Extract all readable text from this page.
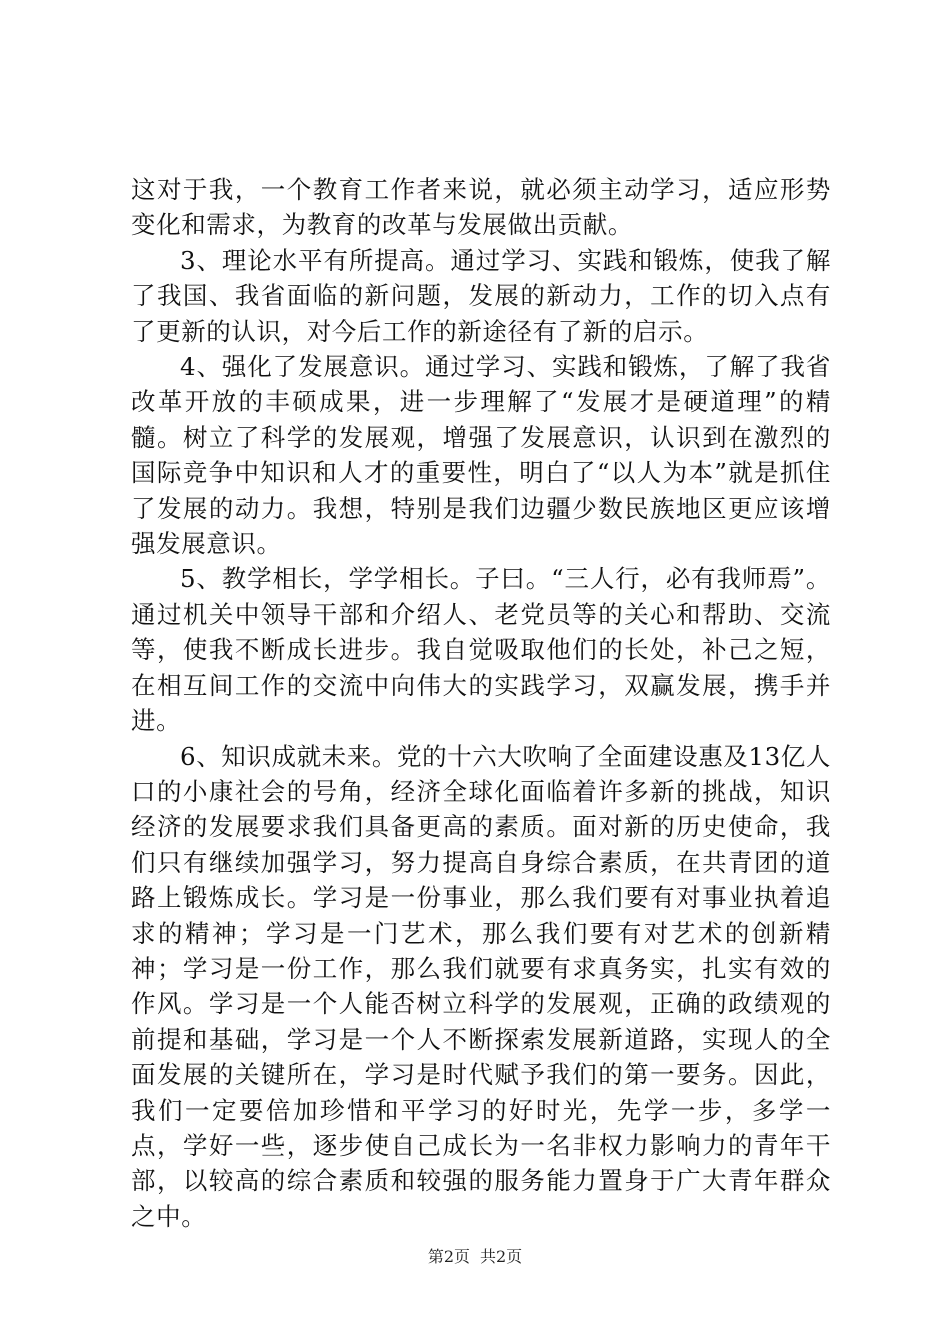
这对于我，一个教育工作者来说，就必须主动学习，适应形势变化和需求，为教育的改革与发展做出贡献。

3、理论水平有所提高。通过学习、实践和锻炼，使我了解了我国、我省面临的新问题，发展的新动力，工作的切入点有了更新的认识，对今后工作的新途径有了新的启示。

4、强化了发展意识。通过学习、实践和锻炼，了解了我省改革开放的丰硕成果，进一步理解了“发展才是硬道理”的精髓。树立了科学的发展观，增强了发展意识，认识到在激烈的国际竞争中知识和人才的重要性，明白了“以人为本”就是抓住了发展的动力。我想，特别是我们边疆少数民族地区更应该增强发展意识。

5、教学相长，学学相长。子曰。“三人行，必有我师焉”。通过机关中领导干部和介绍人、老党员等的关心和帮助、交流等，使我不断成长进步。我自觉吸取他们的长处，补己之短，在相互间工作的交流中向伟大的实践学习，双赢发展，携手并进。

6、知识成就未来。党的十六大吹响了全面建设惠及13亿人口的小康社会的号角，经济全球化面临着许多新的挑战，知识经济的发展要求我们具备更高的素质。面对新的历史使命，我们只有继续加强学习，努力提高自身综合素质，在共青团的道路上锻炼成长。学习是一份事业，那么我们要有对事业执着追求的精神；学习是一门艺术，那么我们要有对艺术的创新精神；学习是一份工作，那么我们就要有求真务实，扎实有效的作风。学习是一个人能否树立科学的发展观，正确的政绩观的前提和基础，学习是一个人不断探索发展新道路，实现人的全面发展的关键所在，学习是时代赋予我们的第一要务。因此，我们一定要倍加珍惜和平学习的好时光，先学一步，多学一点，学好一些，逐步使自己成长为一名非权力影响力的青年干部，以较高的综合素质和较强的服务能力置身于广大青年群众之中。

第2页 共2页
